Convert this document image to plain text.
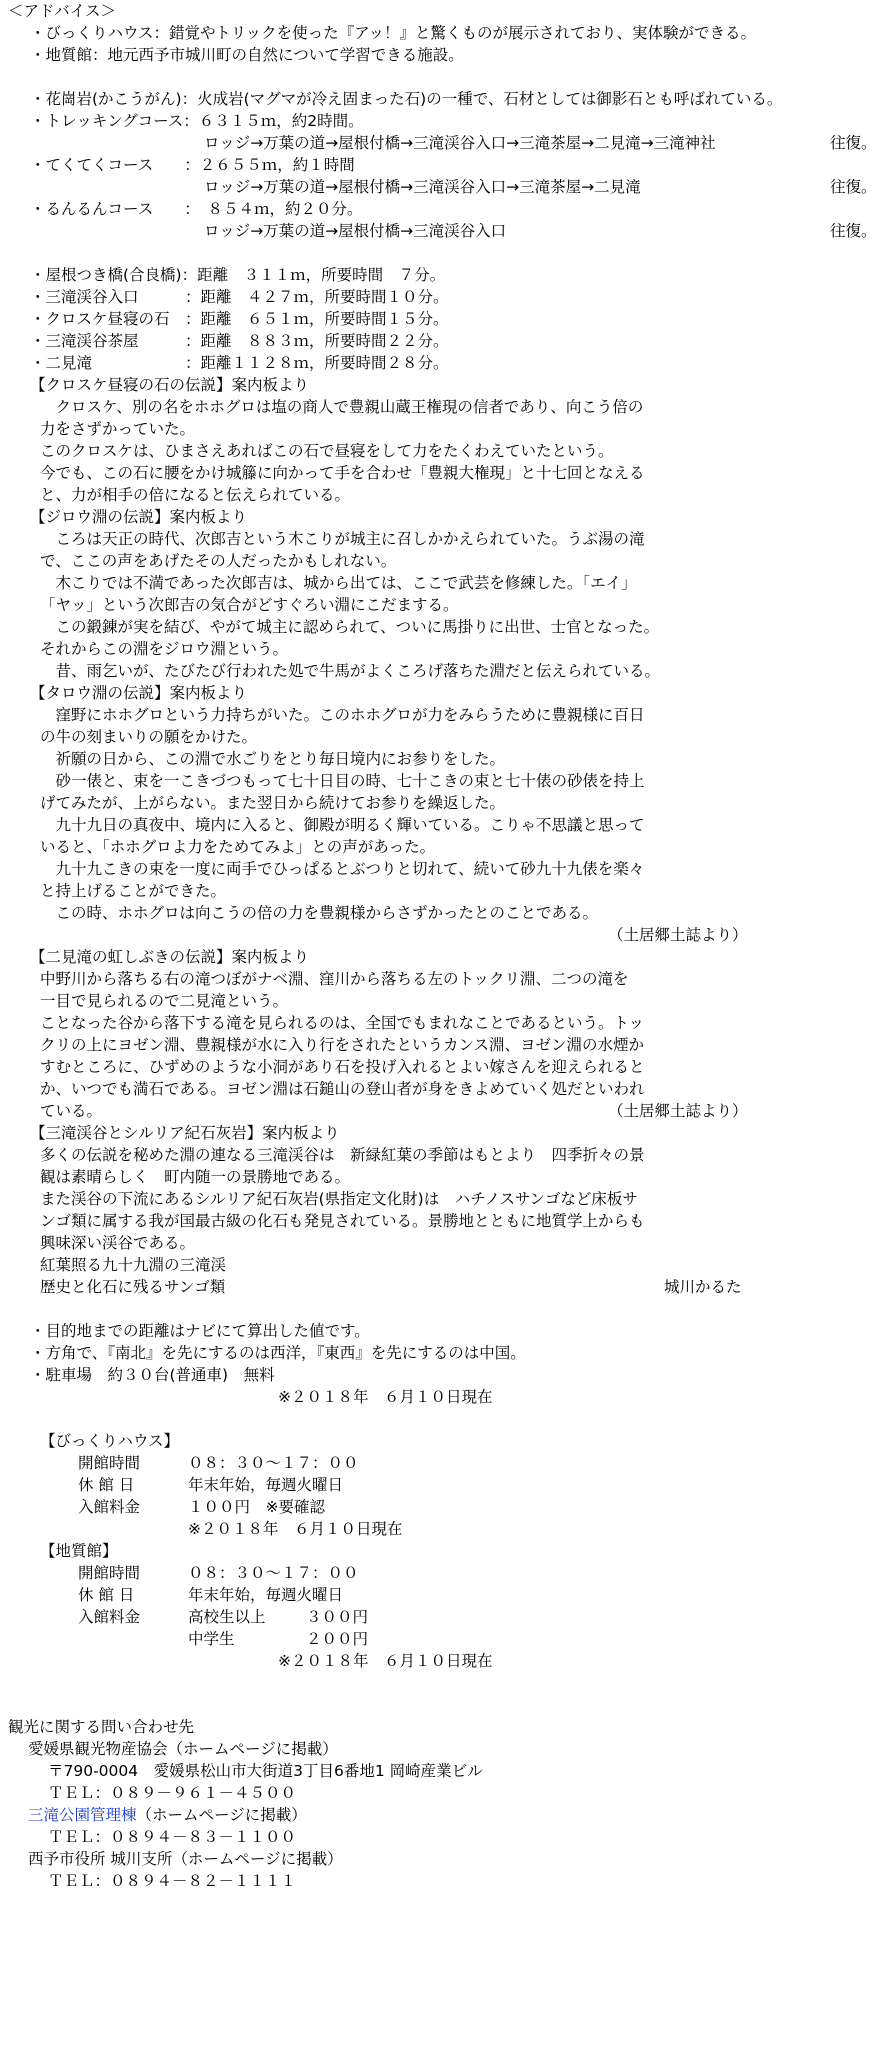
＜アドバイス＞
・びっくりハウス：錯覚やトリックを使った『アッ！』と驚くものが展示されており、実体験ができる。
・地質館：地元西予市城川町の自然について学習できる施設。
・花崗岩(かこうがん)：火成岩(マグマが冷え固まった石)の一種で、石材としては御影石とも呼ばれている。
・トレッキングコース：６３１５ｍ，約2時間。
ロッジ→万葉の道→屋根付橋→三滝渓谷入口→三滝茶屋→二見滝→三滝神社	往復。
・てくてくコース　　：２６５５ｍ，約１時間
ロッジ→万葉の道→屋根付橋→三滝渓谷入口→三滝茶屋→二見滝	往復。
・るんるんコース　　：　８５４ｍ，約２０分。
ロッジ→万葉の道→屋根付橋→三滝渓谷入口	往復。
・屋根つき橋(合良橋)：距離　３１１ｍ，所要時間　７分。
・三滝渓谷入口　　　：距離　４２７ｍ，所要時間１０分。
・クロスケ昼寝の石　：距離　６５１ｍ，所要時間１５分。
・三滝渓谷茶屋　　　：距離　８８３ｍ，所要時間２２分。
・二見滝　　　　　　：距離１１２８ｍ，所要時間２８分。
【クロスケ昼寝の石の伝説】案内板より
　クロスケ、別の名をホホグロは塩の商人で豊親山蔵王権現の信者であり、向こう倍の
力をさずかっていた。
このクロスケは、ひまさえあればこの石で昼寝をして力をたくわえていたという。
今でも、この石に腰をかけ城籐に向かって手を合わせ「豊親大権現」と十七回となえる
と、力が相手の倍になると伝えられている。
【ジロウ淵の伝説】案内板より
　ころは天正の時代、次郎吉という木こりが城主に召しかかえられていた。うぶ湯の滝
で、ここの声をあげたその人だったかもしれない。
　木こりでは不満であった次郎吉は、城から出ては、ここで武芸を修練した。「エイ」
「ヤッ」という次郎吉の気合がどすぐろい淵にこだまする。
　この鍛錬が実を結び、やがて城主に認められて、ついに馬掛りに出世、士官となった。
それからこの淵をジロウ淵という。
　昔、雨乞いが、たびたび行われた処で牛馬がよくころげ落ちた淵だと伝えられている。
【タロウ淵の伝説】案内板より
　窪野にホホグロという力持ちがいた。このホホグロが力をみらうために豊親様に百日
の牛の刻まいりの願をかけた。
　祈願の日から、この淵で水ごりをとり毎日境内にお参りをした。
　砂一俵と、束を一こきづつもって七十日目の時、七十こきの束と七十俵の砂俵を持上
げてみたが、上がらない。また翌日から続けてお参りを繰返した。
　九十九日の真夜中、境内に入ると、御殿が明るく輝いている。こりゃ不思議と思って
いると、「ホホグロよ力をためてみよ」との声があった。
　九十九こきの束を一度に両手でひっぱるとぶつりと切れて、続いて砂九十九俵を楽々
と持上げることができた。
　この時、ホホグロは向こうの倍の力を豊親様からさずかったとのことである。
（土居郷土誌より）
【二見滝の虹しぶきの伝説】案内板より
中野川から落ちる右の滝つぼがナベ淵、窪川から落ちる左のトックリ淵、二つの滝を
一目で見られるので二見滝という。
ことなった谷から落下する滝を見られるのは、全国でもまれなことであるという。トッ
クリの上にヨゼン淵、豊親様が水に入り行をされたというカンス淵、ヨゼン淵の水煙か
すむところに、ひずめのような小洞があり石を投げ入れるとよい嫁さんを迎えられると
か、いつでも満石である。ヨゼン淵は石鎚山の登山者が身をきよめていく処だといわれ
ている。	（土居郷土誌より）
【三滝渓谷とシルリア紀石灰岩】案内板より
多くの伝説を秘めた淵の連なる三滝渓谷は　新緑紅葉の季節はもとより　四季折々の景
観は素晴らしく　町内随一の景勝地である。
また渓谷の下流にあるシルリア紀石灰岩(県指定文化財)は　ハチノスサンゴなど床板サ
ンゴ類に属する我が国最古級の化石も発見されている。景勝地とともに地質学上からも
興味深い渓谷である。
紅葉照る九十九淵の三滝渓
歴史と化石に残るサンゴ類	城川かるた
・目的地までの距離はナビにて算出した値です。
・方角で、『南北』を先にするのは西洋，『東西』を先にするのは中国。
・駐車場　約３０台(普通車)　無料
※２０１８年　６月１０日現在
【びっくりハウス】
開館時間	０８：３０～１７：００
休 館 日	年末年始，毎週火曜日
入館料金	１００円　※要確認
※２０１８年　６月１０日現在
【地質館】
開館時間	０８：３０～１７：００
休 館 日	年末年始，毎週火曜日
入館料金	高校生以上	３００円
中学生	２００円
※２０１８年　６月１０日現在
観光に関する問い合わせ先
愛媛県観光物産協会（ホームページに掲載）
〒790-0004　愛媛県松山市大街道3丁目6番地1 岡崎産業ビル
ＴＥＬ：０８９－９６１－４５００
三滝公園管理棟（ホームページに掲載）
ＴＥＬ：０８９４－８３－１１００
西予市役所 城川支所（ホームページに掲載）
ＴＥＬ：０８９４－８２－１１１１
